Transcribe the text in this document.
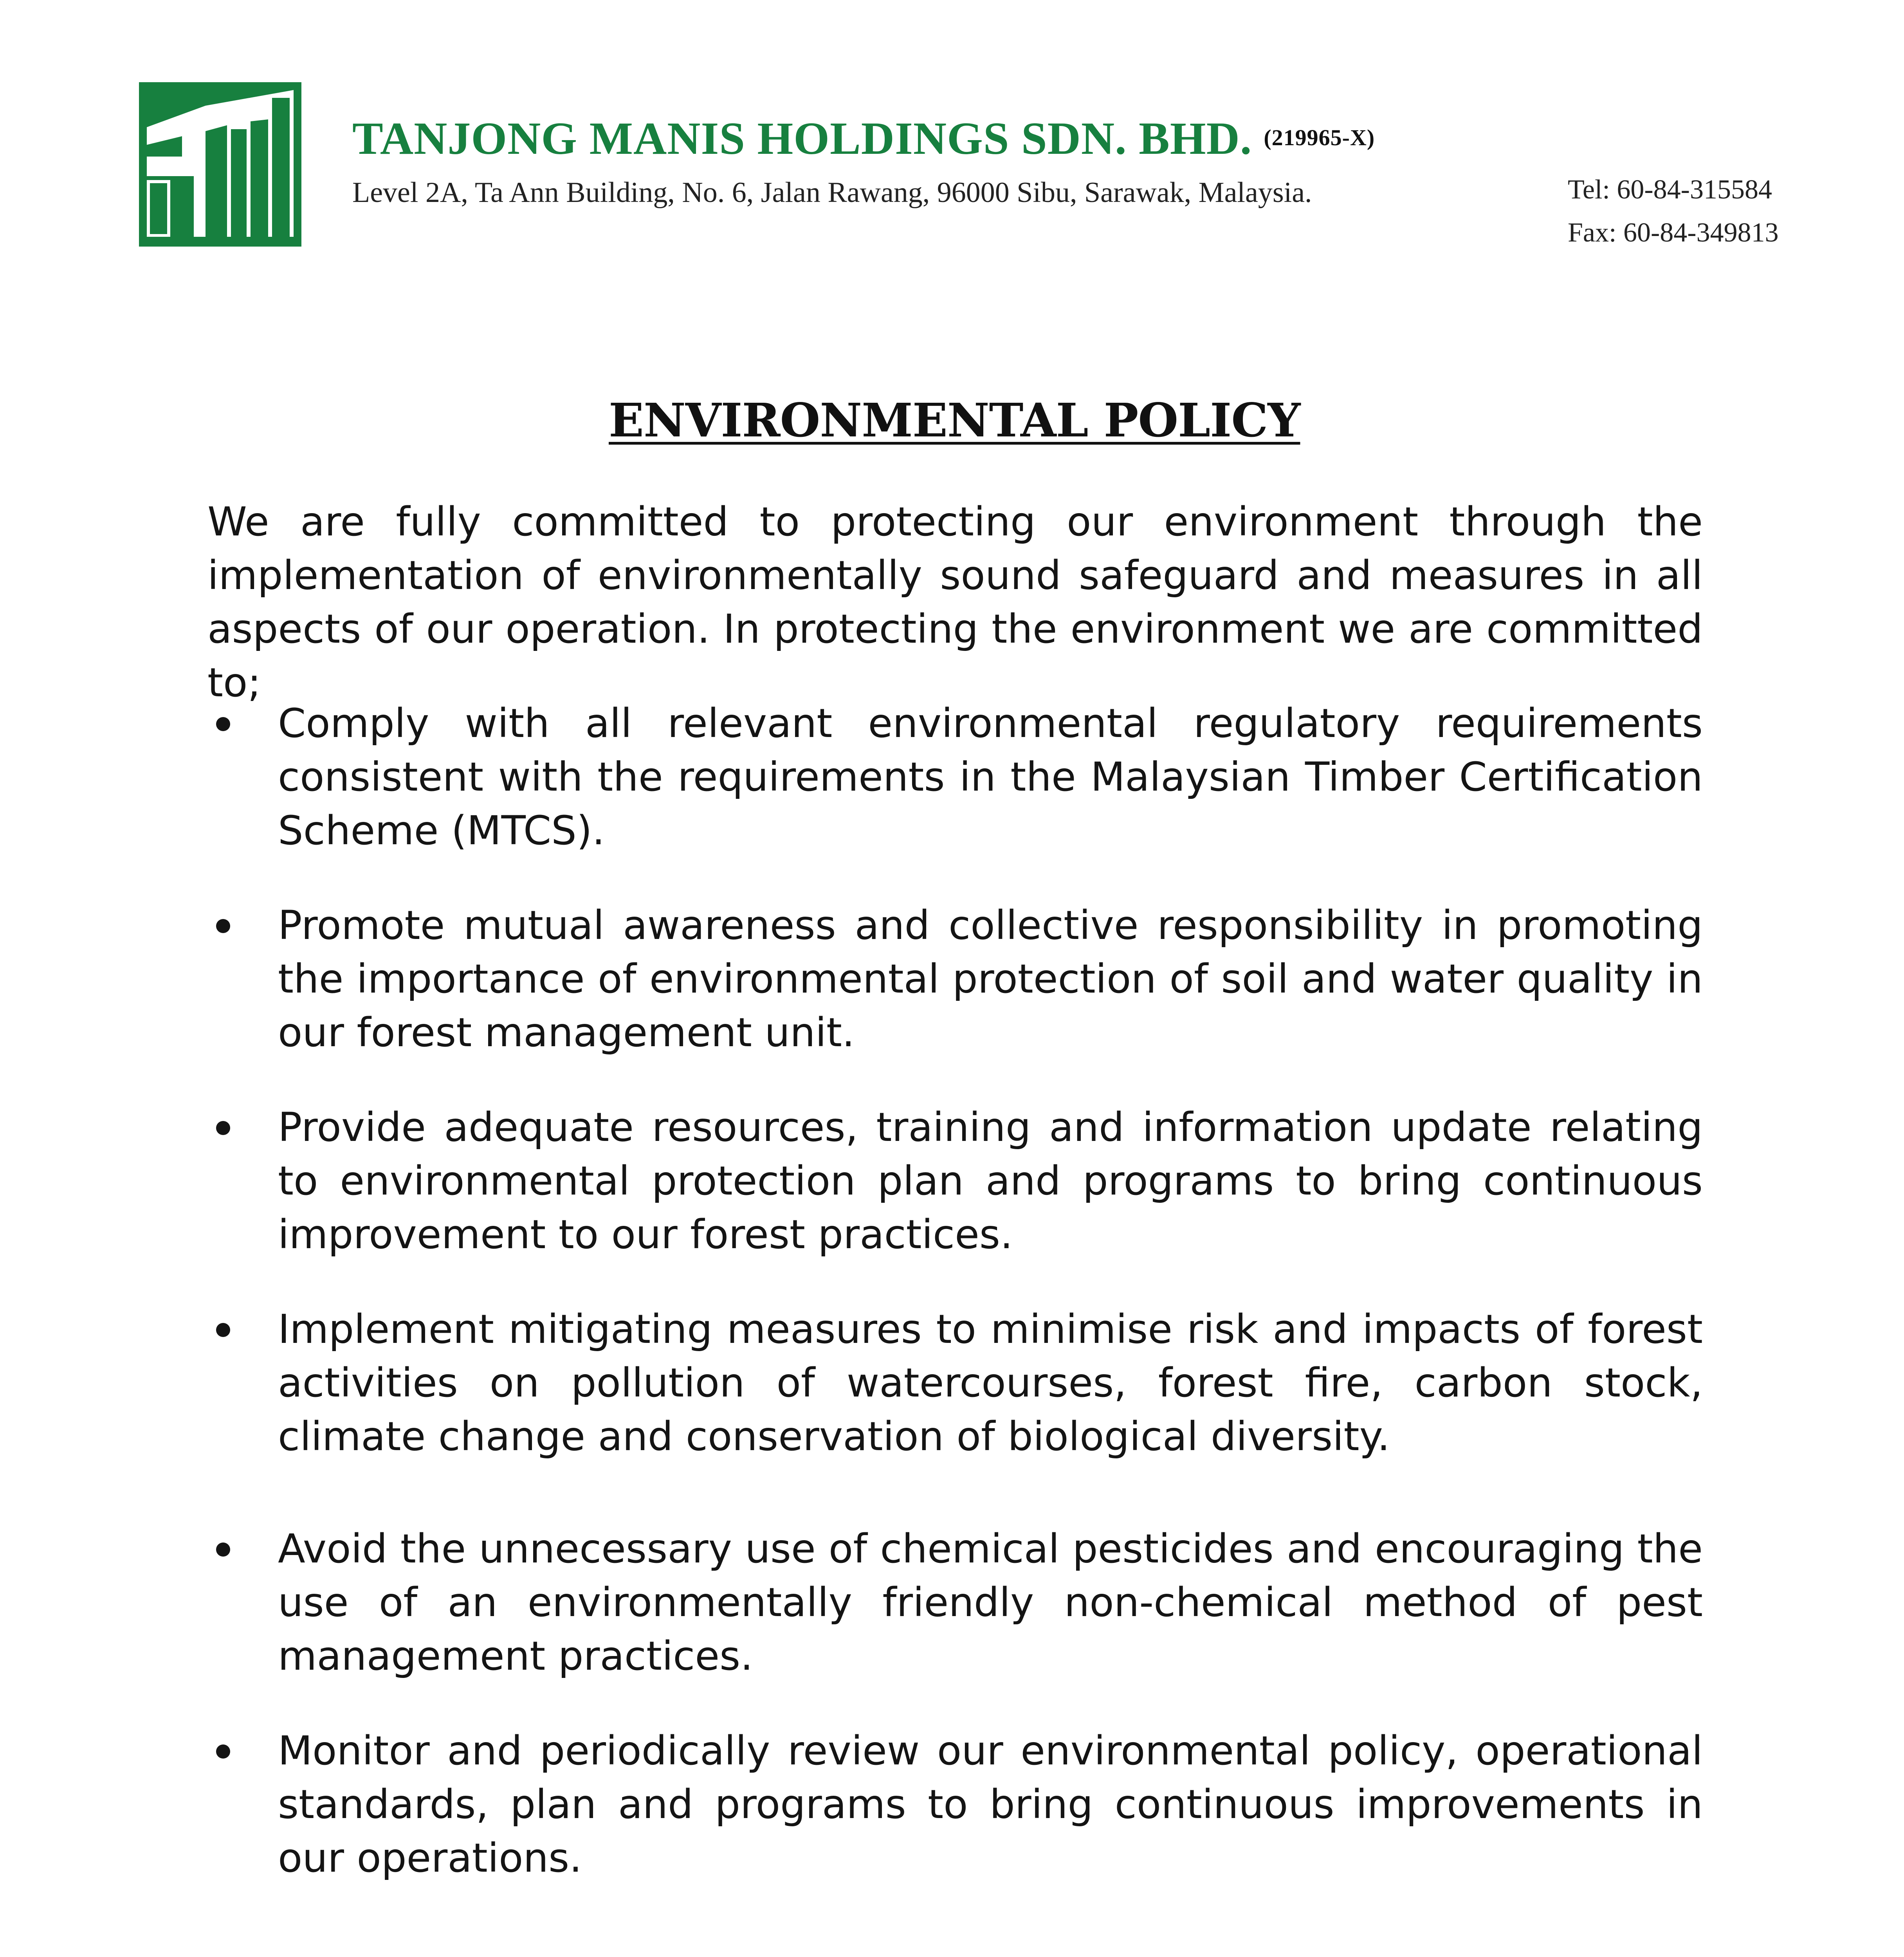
TANJONG MANIS HOLDINGS SDN. BHD. (219965-X)
Level 2A, Ta Ann Building, No. 6, Jalan Rawang, 96000 Sibu, Sarawak, Malaysia.	Tel: 60-84-315584
Fax: 60-84-349813
ENVIRONMENTAL POLICY

We are fully committed to protecting our environment through the implementation of environmentally sound safeguard and measures in all aspects of our operation. In protecting the environment we are committed to;

Comply with all relevant environmental regulatory requirements consistent with the requirements in the Malaysian Timber Certification Scheme (MTCS).
Promote mutual awareness and collective responsibility in promoting the importance of environmental protection of soil and water quality in our forest management unit.
Provide adequate resources, training and information update relating to environmental protection plan and programs to bring continuous improvement to our forest practices.
Implement mitigating measures to minimise risk and impacts of forest activities on pollution of watercourses, forest fire, carbon stock, climate change and conservation of biological diversity.
Avoid the unnecessary use of chemical pesticides and encouraging the use of an environmentally friendly non-chemical method of pest management practices.
Monitor and periodically review our environmental policy, operational standards, plan and programs to bring continuous improvements in our operations.
